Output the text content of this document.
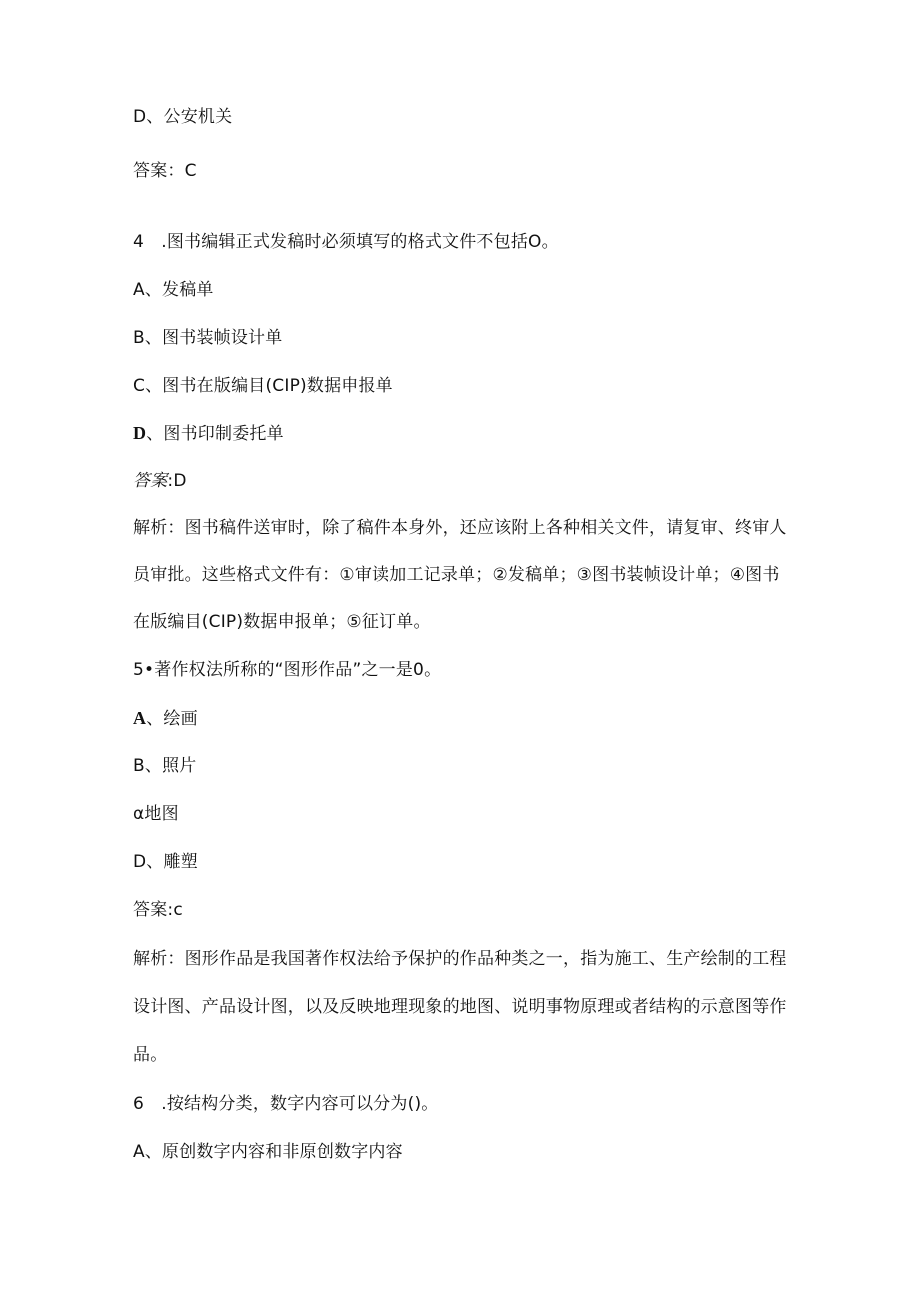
D、公安机关
答案：C
4 .图书编辑正式发稿时必须填写的格式文件不包括O。
A、发稿单
B、图书装帧设计单
C、图书在版编目(CIP)数据申报单
D、图书印制委托单
答案:D
解析：图书稿件送审时，除了稿件本身外，还应该附上各种相关文件，请复审、终审人
员审批。这些格式文件有：①审读加工记录单；②发稿单；③图书装帧设计单；④图书
在版编目(CIP)数据申报单；⑤征订单。
5•著作权法所称的“图形作品”之一是0。
A、绘画
B、照片
α地图
D、雕塑
答案:c
解析：图形作品是我国著作权法给予保护的作品种类之一，指为施工、生产绘制的工程
设计图、产品设计图，以及反映地理现象的地图、说明事物原理或者结构的示意图等作
品。
6 .按结构分类，数字内容可以分为()。
A、原创数字内容和非原创数字内容
